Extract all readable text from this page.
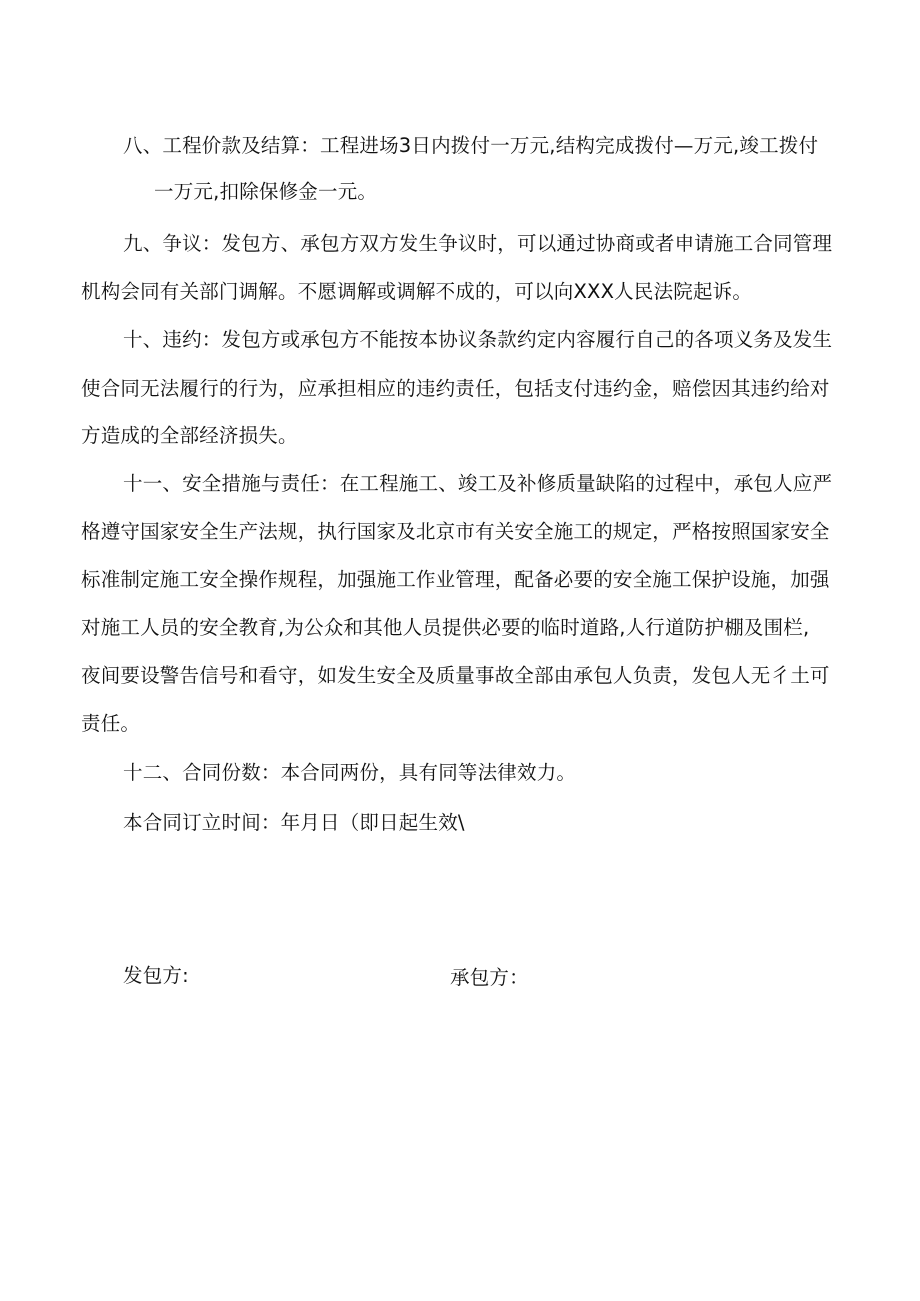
八、工程价款及结算：工程进场3日内拨付一万元,结构完成拨付—万元,竣工拨付
一万元,扣除保修金一元。
九、争议：发包方、承包方双方发生争议时，可以通过协商或者申请施工合同管理
机构会同有关部门调解。不愿调解或调解不成的，可以向XXX人民法院起诉。
十、违约：发包方或承包方不能按本协议条款约定内容履行自己的各项义务及发生
使合同无法履行的行为，应承担相应的违约责任，包括支付违约金，赔偿因其违约给对
方造成的全部经济损失。
十一、安全措施与责任：在工程施工、竣工及补修质量缺陷的过程中，承包人应严
格遵守国家安全生产法规，执行国家及北京市有关安全施工的规定，严格按照国家安全
标准制定施工安全操作规程，加强施工作业管理，配备必要的安全施工保护设施，加强
对施工人员的安全教育,为公众和其他人员提供必要的临时道路,人行道防护棚及围栏,
夜间要设警告信号和看守，如发生安全及质量事故全部由承包人负责，发包人无彳土可
责任。
十二、合同份数：本合同两份，具有同等法律效力。
本合同订立时间：年月日（即日起生效\
发包方:	承包方：
